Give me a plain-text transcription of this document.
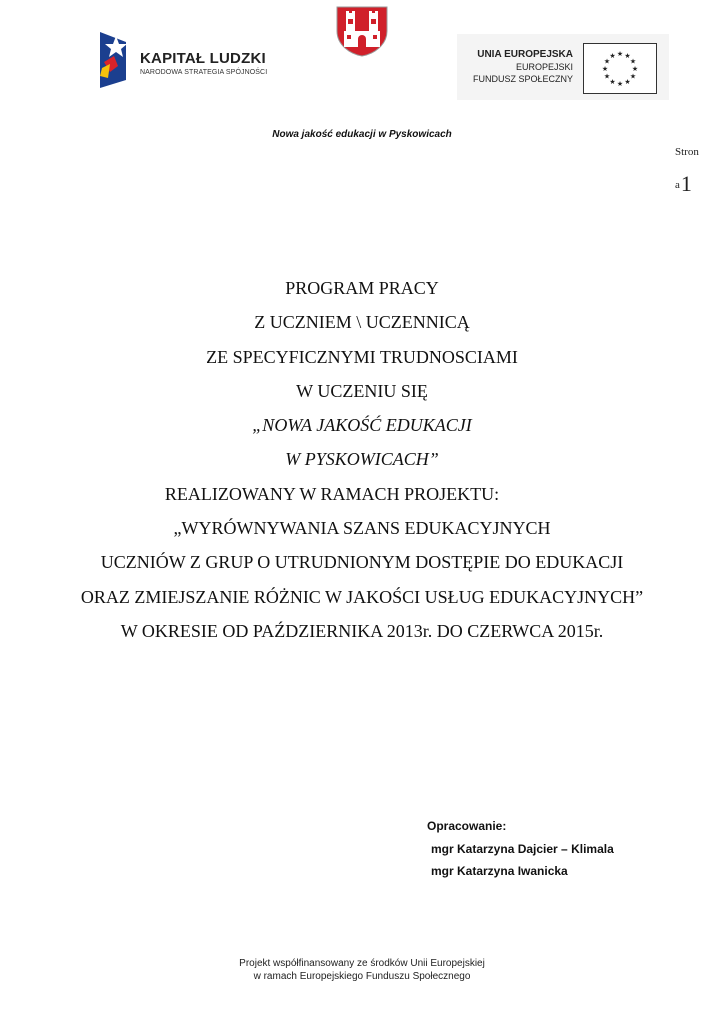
KAPITAŁ LUDZKI
NARODOWA STRATEGIA SPÓJNOŚCI
UNIA EUROPEJSKA
EUROPEJSKI
FUNDUSZ SPOŁECZNY
★ ★
★
★
★
★
★
★
★
★
★
★
Nowa jakość edukacji w Pyskowicach
Stron
a1
PROGRAM PRACY
Z UCZNIEM \ UCZENNICĄ
ZE SPECYFICZNYMI TRUDNOSCIAMI
W UCZENIU SIĘ
„NOWA JAKOŚĆ EDUKACJI
W PYSKOWICACH”
REALIZOWANY W RAMACH PROJEKTU:
„WYRÓWNYWANIA SZANS EDUKACYJNYCH
UCZNIÓW Z GRUP O UTRUDNIONYM DOSTĘPIE DO EDUKACJI
ORAZ ZMIEJSZANIE RÓŻNIC W JAKOŚCI USŁUG EDUKACYJNYCH”
W OKRESIE OD PAŹDZIERNIKA 2013r. DO CZERWCA 2015r.
Opracowanie:
mgr Katarzyna Dajcier – Klimala
mgr Katarzyna Iwanicka
Projekt współfinansowany ze środków Unii Europejskiej
w ramach Europejskiego Funduszu Społecznego
